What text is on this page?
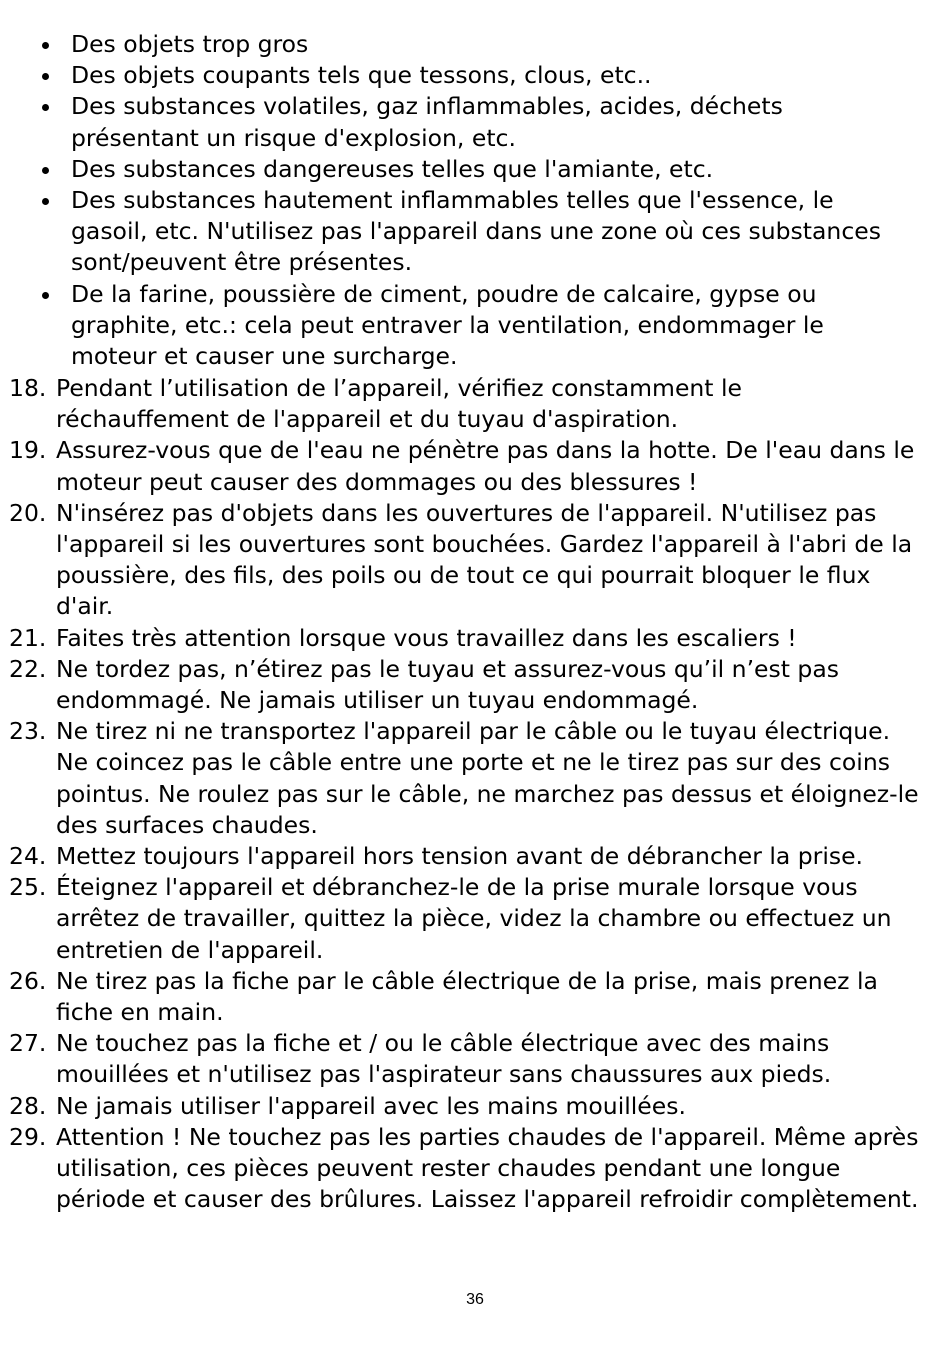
Des objets trop gros
Des objets coupants tels que tessons, clous, etc..
Des substances volatiles, gaz inflammables, acides, déchets présentant un risque d'explosion, etc.
Des substances dangereuses telles que l'amiante, etc.
Des substances hautement inflammables telles que l'essence, le gasoil, etc. N'utilisez pas l'appareil dans une zone où ces substances sont/peuvent être présentes.
De la farine, poussière de ciment, poudre de calcaire, gypse ou graphite, etc.: cela peut entraver la ventilation, endommager le moteur et causer une surcharge.
18. Pendant l’utilisation de l’appareil, vérifiez constamment le réchauffement de l'appareil et du tuyau d'aspiration.
19. Assurez-vous que de l'eau ne pénètre pas dans la hotte. De l'eau dans le moteur peut causer des dommages ou des blessures !
20. N'insérez pas d'objets dans les ouvertures de l'appareil. N'utilisez pas l'appareil si les ouvertures sont bouchées. Gardez l'appareil à l'abri de la poussière, des fils, des poils ou de tout ce qui pourrait bloquer le flux d'air.
21. Faites très attention lorsque vous travaillez dans les escaliers !
22. Ne tordez pas, n’étirez pas le tuyau et assurez-vous qu’il n’est pas endommagé. Ne jamais utiliser un tuyau endommagé.
23. Ne tirez ni ne transportez l'appareil par le câble ou le tuyau électrique. Ne coincez pas le câble entre une porte et ne le tirez pas sur des coins pointus. Ne roulez pas sur le câble, ne marchez pas dessus et éloignez-le des surfaces chaudes.
24. Mettez toujours l'appareil hors tension avant de débrancher la prise.
25. Éteignez l'appareil et débranchez-le de la prise murale lorsque vous arrêtez de travailler, quittez la pièce, videz la chambre ou effectuez un entretien de l'appareil.
26. Ne tirez pas la fiche par le câble électrique de la prise, mais prenez la fiche en main.
27. Ne touchez pas la fiche et / ou le câble électrique avec des mains mouillées et n'utilisez pas l'aspirateur sans chaussures aux pieds.
28. Ne jamais utiliser l'appareil avec les mains mouillées.
29. Attention ! Ne touchez pas les parties chaudes de l'appareil. Même après utilisation, ces pièces peuvent rester chaudes pendant une longue période et causer des brûlures. Laissez l'appareil refroidir complètement.
36
